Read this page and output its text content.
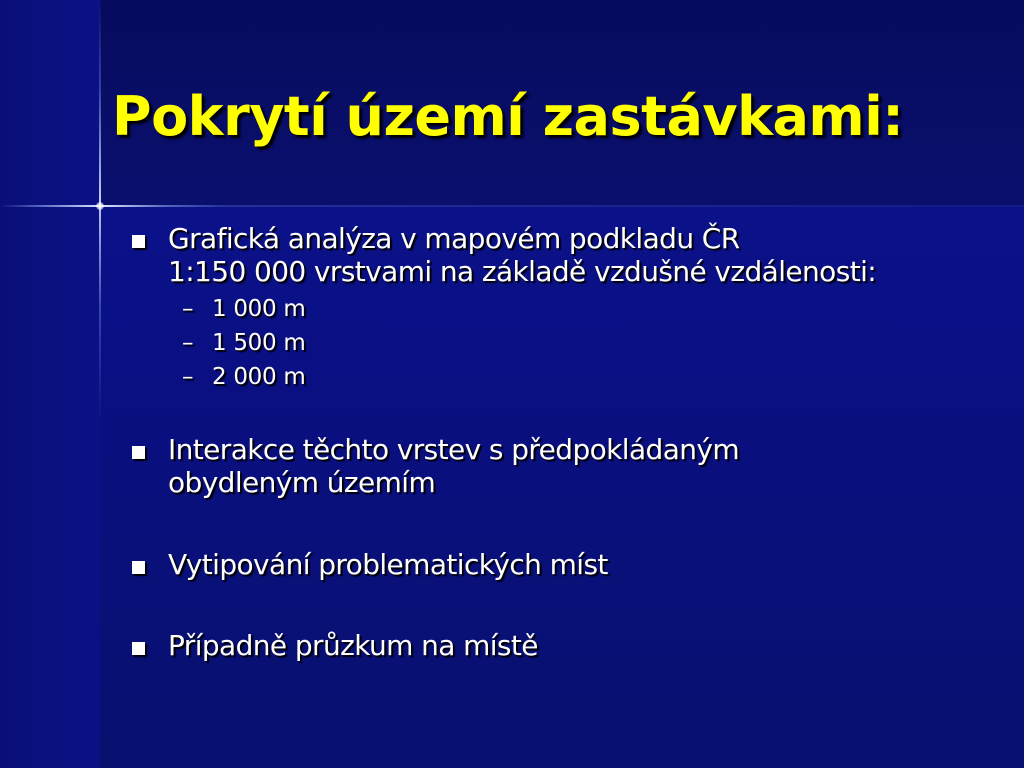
Pokrytí území zastávkami:
Grafická analýza v mapovém podkladu ČR
1:150 000 vrstvami na základě vzdušné vzdálenosti:
– 1 000 m
– 1 500 m
– 2 000 m
Interakce těchto vrstev s předpokládaným
obydleným územím
Vytipování problematických míst
Případně průzkum na místě
